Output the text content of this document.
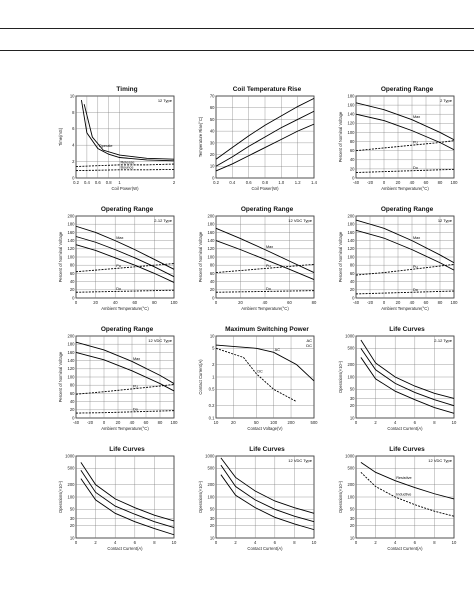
Timing
0.2 0.4 0.6 0.8 1	2
0
2
4
6
8
10
Coil Power(W)
Time(mS)	Operate
Release
Bounce
12 Type
Coil Temperature Rise
0.2	0.4	0.6	0.8	1.0	1.2	1.4
0
10
20
30
40
50
60
70
Coil Power(W)
Temperature Rise(°C)
Operating Range
-40 -20 0 20 40 60 80 100
0
20
40
60
80
100
120
140
160
180
Ambient Temperature(°C)
Percent of Nominal Voltage	Max
Pu
Do
2 Type
Operating Range
0	20	40	60	80	100
0
20
40
60
80
100
120
140
160
180
200
Ambient Temperature(°C)
Percent of Nominal Voltage	Max
Pu
Do
2-12 Type
Operating Range
0	20	40	60	80
0
20
40
60
80
100
120
140
160
180
200
Ambient Temperature(°C)
Percent of Nominal Voltage	Max
Pu
Do
12 VDC Type
Operating Range
-40 -20 0 20 40 60 80 100
0
20
40
60
80
100
120
140
160
180
200
Ambient Temperature(°C)
Percent of Nominal Voltage	Max
Pu
Do
12 Type
Operating Range
-40 -20 0 20 40 60 80 100
0
20
40
60
80
100
120
140
160
180
200
Ambient Temperature(°C)
Percent of Nominal Voltage	Max
Pu
Do
12 VDC Type
Maximum Switching Power
10	20	50	100 200	500
0.1
0.2
0.5
1
2
5
10
Contact Voltage(V)
Contact Current(A)
AC
DC
AC
DC
Life Curves
0	2	4	6	8	10
10
20
30
50
100
200
500
1000
Contact Current(A)
Operations(×10⁴)
2-12 Type
Life Curves
0	2	4	6	8	10
10
20
30
50
100
200
500
1000
Contact Current(A)
Operations(×10⁴)
Life Curves
0	2	4	6	8	10
10
20
30
50
100
200
500
1000
Contact Current(A)
Operations(×10⁴)
12 VDC Type
Life Curves
0	2	4	6	8	10
10
20
30
50
100
200
500
1000
Contact Current(A)
Operations(×10⁴)
Resistive
Inductive
12 VDC Type
